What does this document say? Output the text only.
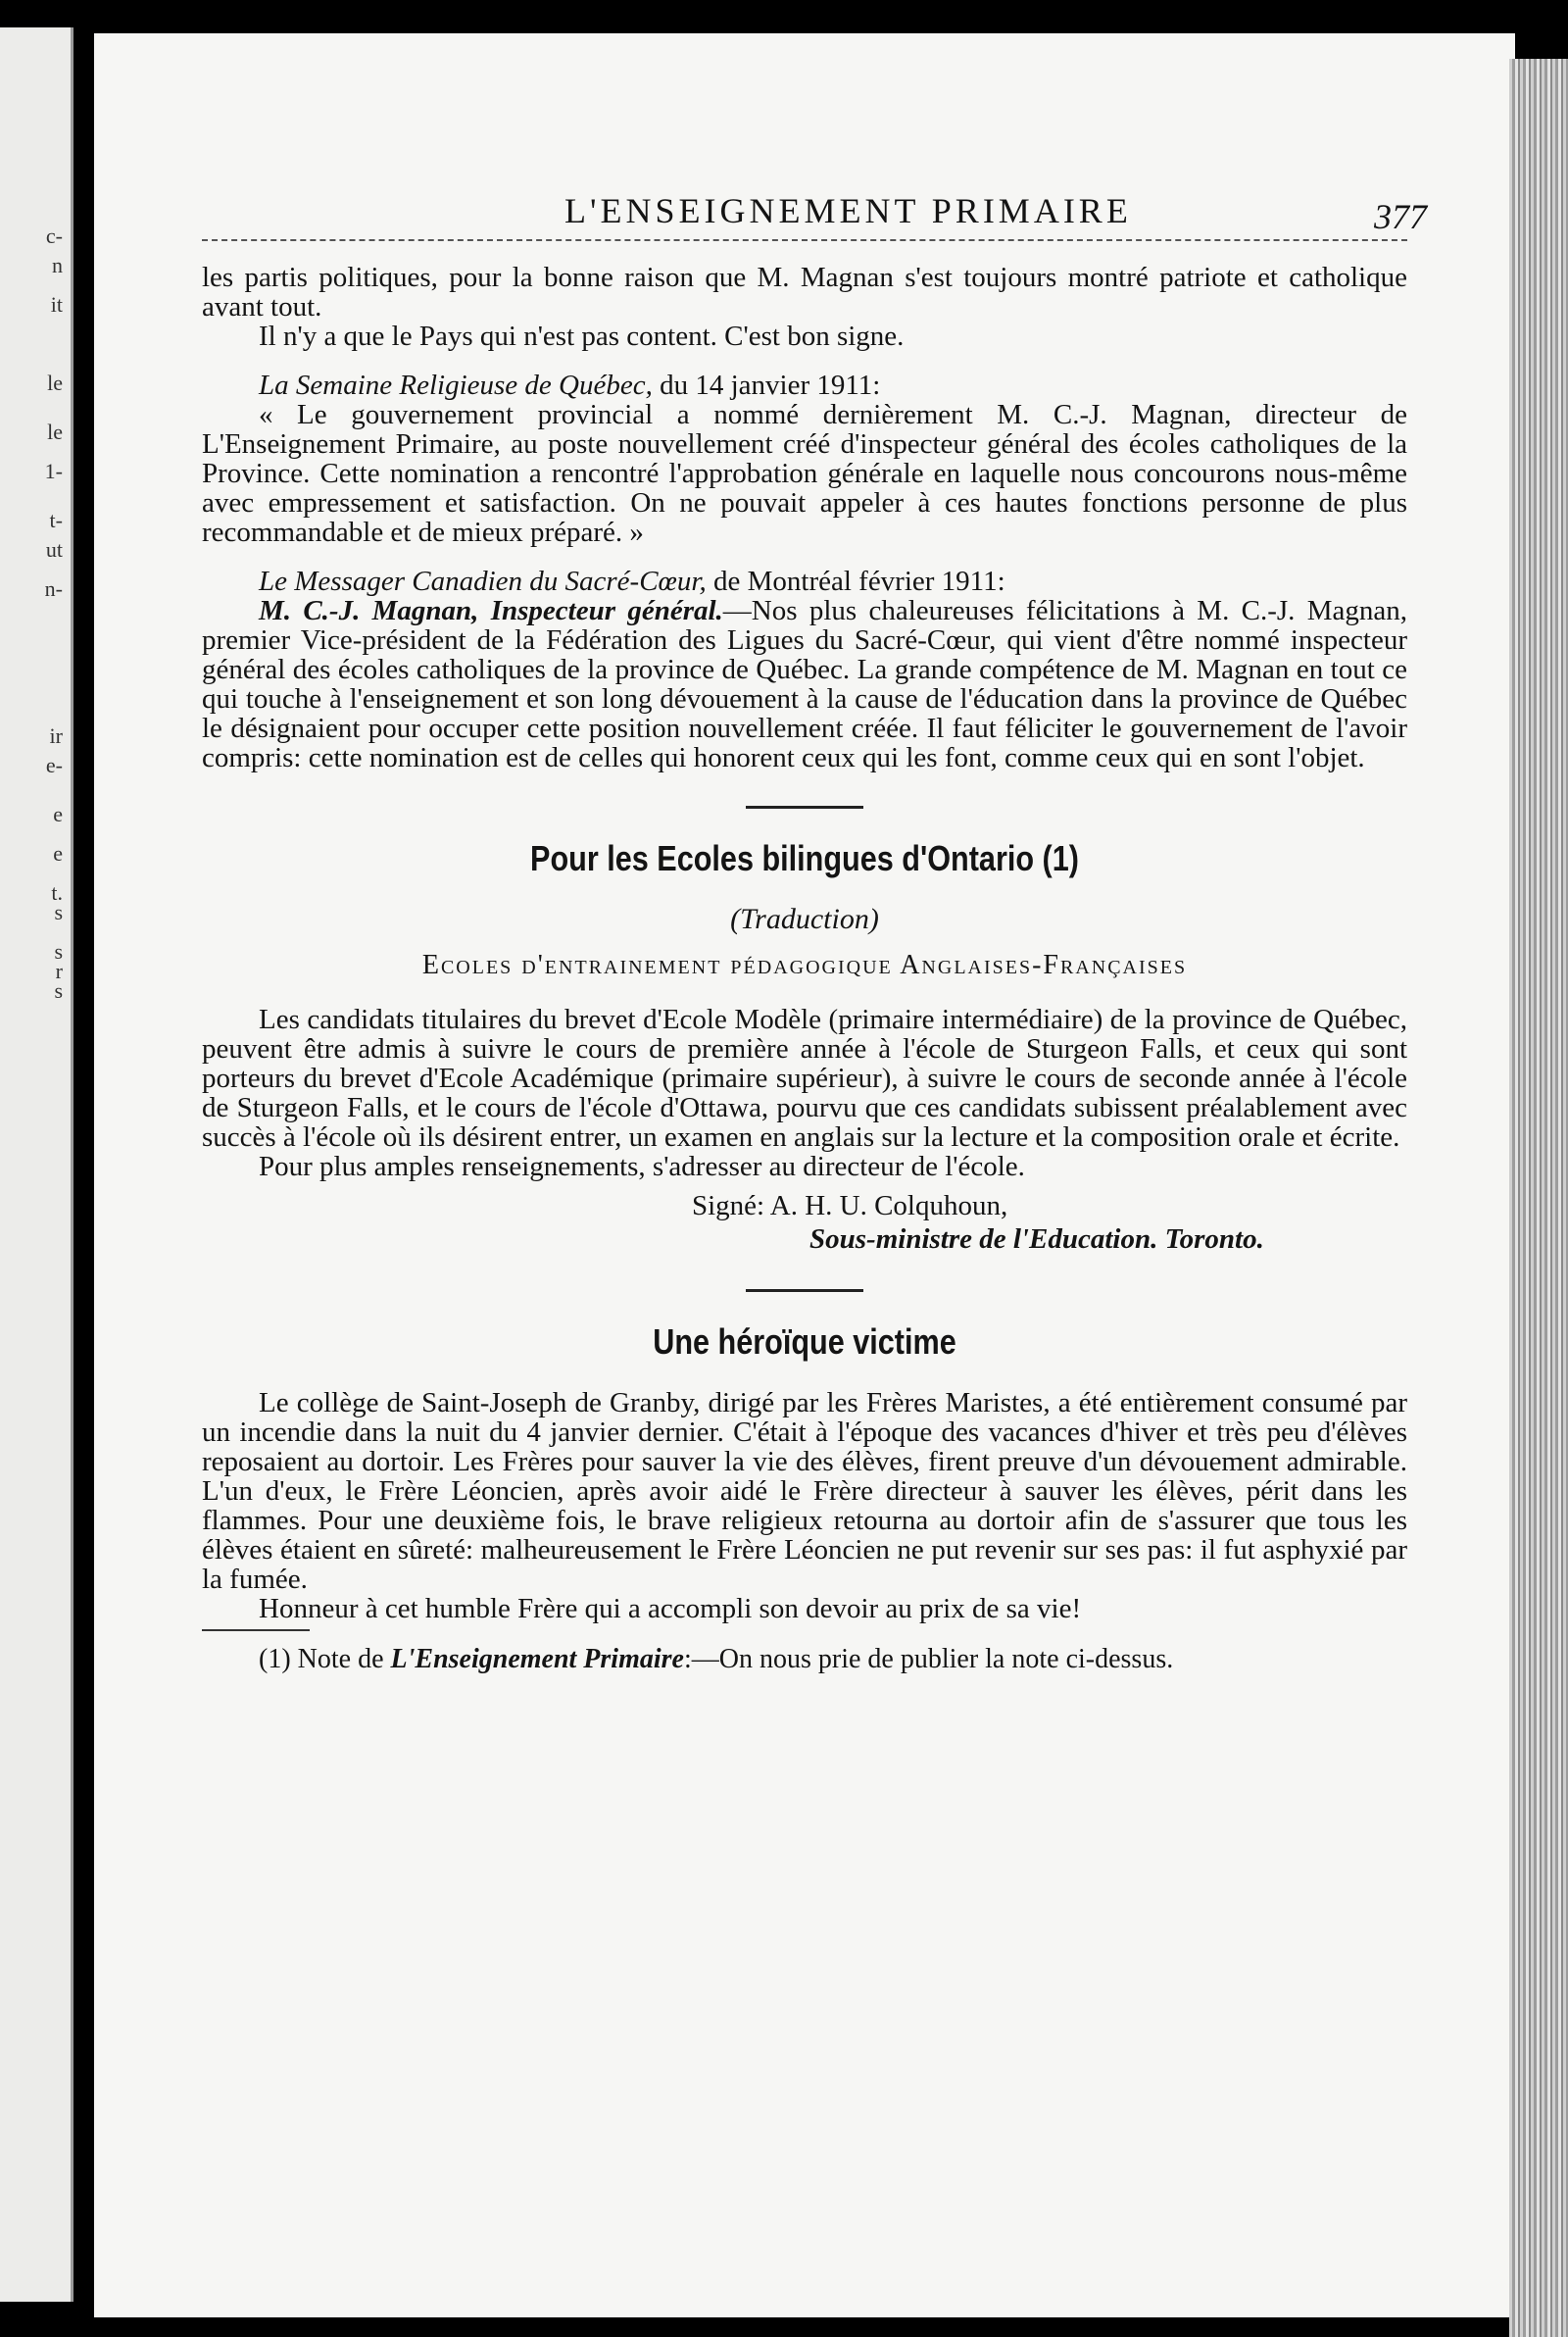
c-
n
it
le
le
1-
t-
ut
n-
ir
e-
e
e
t.
s
s
r
s
L'ENSEIGNEMENT PRIMAIRE	377

les partis politiques, pour la bonne raison que M. Magnan s'est toujours montré patriote et catholique avant tout.

Il n'y a que le Pays qui n'est pas content. C'est bon signe.

La Semaine Religieuse de Québec, du 14 janvier 1911:

« Le gouvernement provincial a nommé dernièrement M. C.-J. Magnan, directeur de L'Enseignement Primaire, au poste nouvellement créé d'inspecteur général des écoles catholiques de la Province. Cette nomination a rencontré l'approbation générale en laquelle nous concourons nous-même avec empressement et satisfaction. On ne pouvait appeler à ces hautes fonctions personne de plus recommandable et de mieux préparé. »

Le Messager Canadien du Sacré-Cœur, de Montréal février 1911:

M. C.-J. Magnan, Inspecteur général.—Nos plus chaleureuses félicitations à M. C.-J. Magnan, premier Vice-président de la Fédération des Ligues du Sacré-Cœur, qui vient d'être nommé inspecteur général des écoles catholiques de la province de Québec. La grande compétence de M. Magnan en tout ce qui touche à l'enseignement et son long dévouement à la cause de l'éducation dans la province de Québec le désignaient pour occuper cette position nouvellement créée. Il faut féliciter le gouvernement de l'avoir compris: cette nomination est de celles qui honorent ceux qui les font, comme ceux qui en sont l'objet.

Pour les Ecoles bilingues d'Ontario (1)
(Traduction)
Ecoles d'entrainement pédagogique Anglaises-Françaises

Les candidats titulaires du brevet d'Ecole Modèle (primaire intermédiaire) de la province de Québec, peuvent être admis à suivre le cours de première année à l'école de Sturgeon Falls, et ceux qui sont porteurs du brevet d'Ecole Académique (primaire supérieur), à suivre le cours de seconde année à l'école de Sturgeon Falls, et le cours de l'école d'Ottawa, pourvu que ces candidats subissent préalablement avec succès à l'école où ils désirent entrer, un examen en anglais sur la lecture et la composition orale et écrite.

Pour plus amples renseignements, s'adresser au directeur de l'école.

Signé: A. H. U. Colquhoun,
Sous-ministre de l'Education. Toronto.
Une héroïque victime

Le collège de Saint-Joseph de Granby, dirigé par les Frères Maristes, a été entièrement consumé par un incendie dans la nuit du 4 janvier dernier. C'était à l'époque des vacances d'hiver et très peu d'élèves reposaient au dortoir. Les Frères pour sauver la vie des élèves, firent preuve d'un dévouement admirable. L'un d'eux, le Frère Léoncien, après avoir aidé le Frère directeur à sauver les élèves, périt dans les flammes. Pour une deuxième fois, le brave religieux retourna au dortoir afin de s'assurer que tous les élèves étaient en sûreté: malheureusement le Frère Léoncien ne put revenir sur ses pas: il fut asphyxié par la fumée.

Honneur à cet humble Frère qui a accompli son devoir au prix de sa vie!

(1) Note de L'Enseignement Primaire:—On nous prie de publier la note ci-dessus.
